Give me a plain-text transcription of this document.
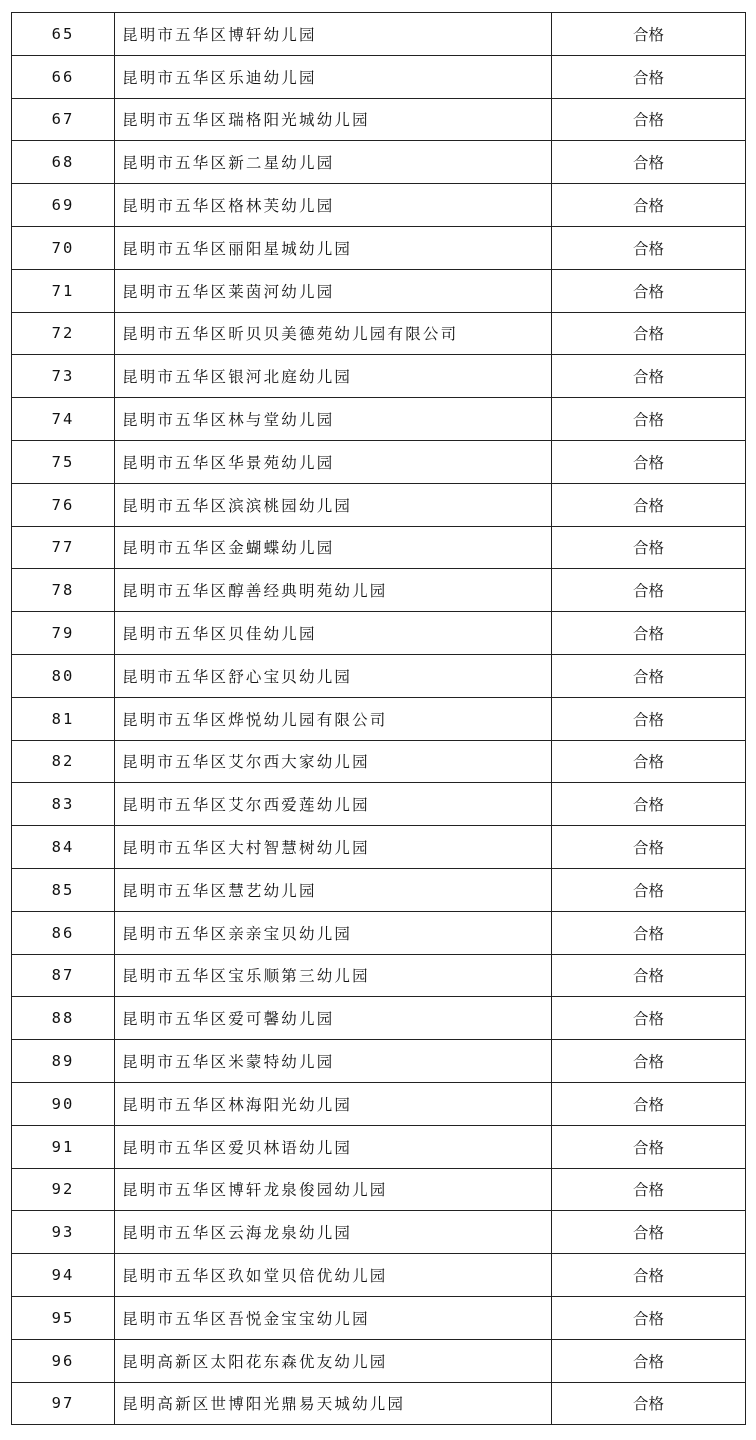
65	昆明市五华区博轩幼儿园	合格
66	昆明市五华区乐迪幼儿园	合格
67	昆明市五华区瑞格阳光城幼儿园	合格
68	昆明市五华区新二星幼儿园	合格
69	昆明市五华区格林芙幼儿园	合格
70	昆明市五华区丽阳星城幼儿园	合格
71	昆明市五华区莱茵河幼儿园	合格
72	昆明市五华区昕贝贝美德苑幼儿园有限公司	合格
73	昆明市五华区银河北庭幼儿园	合格
74	昆明市五华区林与堂幼儿园	合格
75	昆明市五华区华景苑幼儿园	合格
76	昆明市五华区滨滨桃园幼儿园	合格
77	昆明市五华区金蝴蝶幼儿园	合格
78	昆明市五华区醇善经典明苑幼儿园	合格
79	昆明市五华区贝佳幼儿园	合格
80	昆明市五华区舒心宝贝幼儿园	合格
81	昆明市五华区烨悦幼儿园有限公司	合格
82	昆明市五华区艾尔西大家幼儿园	合格
83	昆明市五华区艾尔西爱莲幼儿园	合格
84	昆明市五华区大村智慧树幼儿园	合格
85	昆明市五华区慧艺幼儿园	合格
86	昆明市五华区亲亲宝贝幼儿园	合格
87	昆明市五华区宝乐顺第三幼儿园	合格
88	昆明市五华区爱可馨幼儿园	合格
89	昆明市五华区米蒙特幼儿园	合格
90	昆明市五华区林海阳光幼儿园	合格
91	昆明市五华区爱贝林语幼儿园	合格
92	昆明市五华区博轩龙泉俊园幼儿园	合格
93	昆明市五华区云海龙泉幼儿园	合格
94	昆明市五华区玖如堂贝倍优幼儿园	合格
95	昆明市五华区吾悦金宝宝幼儿园	合格
96	昆明高新区太阳花东森优友幼儿园	合格
97	昆明高新区世博阳光鼎易天城幼儿园	合格
